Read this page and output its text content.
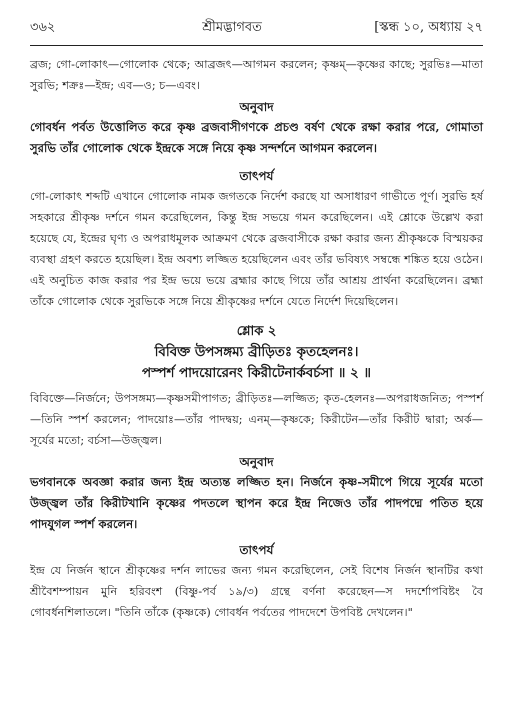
৩৬২	শ্রীমদ্ভাগবত	[স্কন্ধ ১০, অধ্যায় ২৭

ব্রজ; গো-লোকাৎ—গোলোক থেকে; আব্রজৎ—আগমন করলেন; কৃষ্ণম্—কৃষ্ণের কাছে; সুরভিঃ—মাতা সুরভি; শক্রঃ—ইন্দ্র; এব—ও; চ—এবং।

অনুবাদ

গোবর্ধন পর্বত উত্তোলিত করে কৃষ্ণ ব্রজবাসীগণকে প্রচণ্ড বর্ষণ থেকে রক্ষা করার পরে, গোমাতা সুরভি তাঁর গোলোক থেকে ইন্দ্রকে সঙ্গে নিয়ে কৃষ্ণ সন্দর্শনে আগমন করলেন।

তাৎপর্য

গো-লোকাৎ শব্দটি এখানে গোলোক নামক জগতকে নির্দেশ করছে যা অসাধারণ গাভীতে পূর্ণ। সুরভি হর্ষ সহকারে শ্রীকৃষ্ণ দর্শনে গমন করেছিলেন, কিন্তু ইন্দ্র সভয়ে গমন করেছিলেন। এই শ্লোকে উল্লেখ করা হয়েছে যে, ইন্দ্রের ঘৃণ্য ও অপরাধমূলক আক্রমণ থেকে ব্রজবাসীকে রক্ষা করার জন্য শ্রীকৃষ্ণকে বিস্ময়কর ব্যবস্থা গ্রহণ করতে হয়েছিল। ইন্দ্র অবশ্য লজ্জিত হয়েছিলেন এবং তাঁর ভবিষ্যৎ সম্বন্ধে শঙ্কিত হয়ে ওঠেন। এই অনুচিত কাজ করার পর ইন্দ্র ভয়ে ভয়ে ব্রহ্মার কাছে গিয়ে তাঁর আশ্রয় প্রার্থনা করেছিলেন। ব্রহ্মা তাঁকে গোলোক থেকে সুরভিকে সঙ্গে নিয়ে শ্রীকৃষ্ণের দর্শনে যেতে নির্দেশ দিয়েছিলেন।

শ্লোক ২
বিবিক্ত উপসঙ্গম্য ব্রীড়িতঃ কৃতহেলনঃ।
পস্পর্শ পাদয়োরেনং কিরীটেনার্কবর্চসা ॥ ২ ॥

বিবিক্তে—নির্জনে; উপসঙ্গম্য—কৃষ্ণসমীপাগত; ব্রীড়িতঃ—লজ্জিত; কৃত-হেলনঃ—অপরাধজনিত; পস্পর্শ—তিনি স্পর্শ করলেন; পাদয়োঃ—তাঁর পাদদ্বয়; এনম্—কৃষ্ণকে; কিরীটেন—তাঁর কিরীট দ্বারা; অর্ক—সূর্যের মতো; বর্চসা—উজ্জ্বল।

অনুবাদ

ভগবানকে অবজ্ঞা করার জন্য ইন্দ্র অত্যন্ত লজ্জিত হন। নির্জনে কৃষ্ণ-সমীপে গিয়ে সূর্যের মতো উজ্জ্বল তাঁর কিরীটখানি কৃষ্ণের পদতলে স্থাপন করে ইন্দ্র নিজেও তাঁর পাদপদ্মে পতিত হয়ে পাদযুগল স্পর্শ করলেন।

তাৎপর্য

ইন্দ্র যে নির্জন স্থানে শ্রীকৃষ্ণের দর্শন লাভের জন্য গমন করেছিলেন, সেই বিশেষ নির্জন স্থানটির কথা শ্রীবৈশম্পায়ন মুনি হরিবংশ (বিষ্ণু-পর্ব ১৯/৩) গ্রন্থে বর্ণনা করেছেন—স দদর্শোপবিষ্টং বৈ গোবর্ধনশিলাতলে। "তিনি তাঁকে (কৃষ্ণকে) গোবর্ধন পর্বতের পাদদেশে উপবিষ্ট দেখলেন।"
